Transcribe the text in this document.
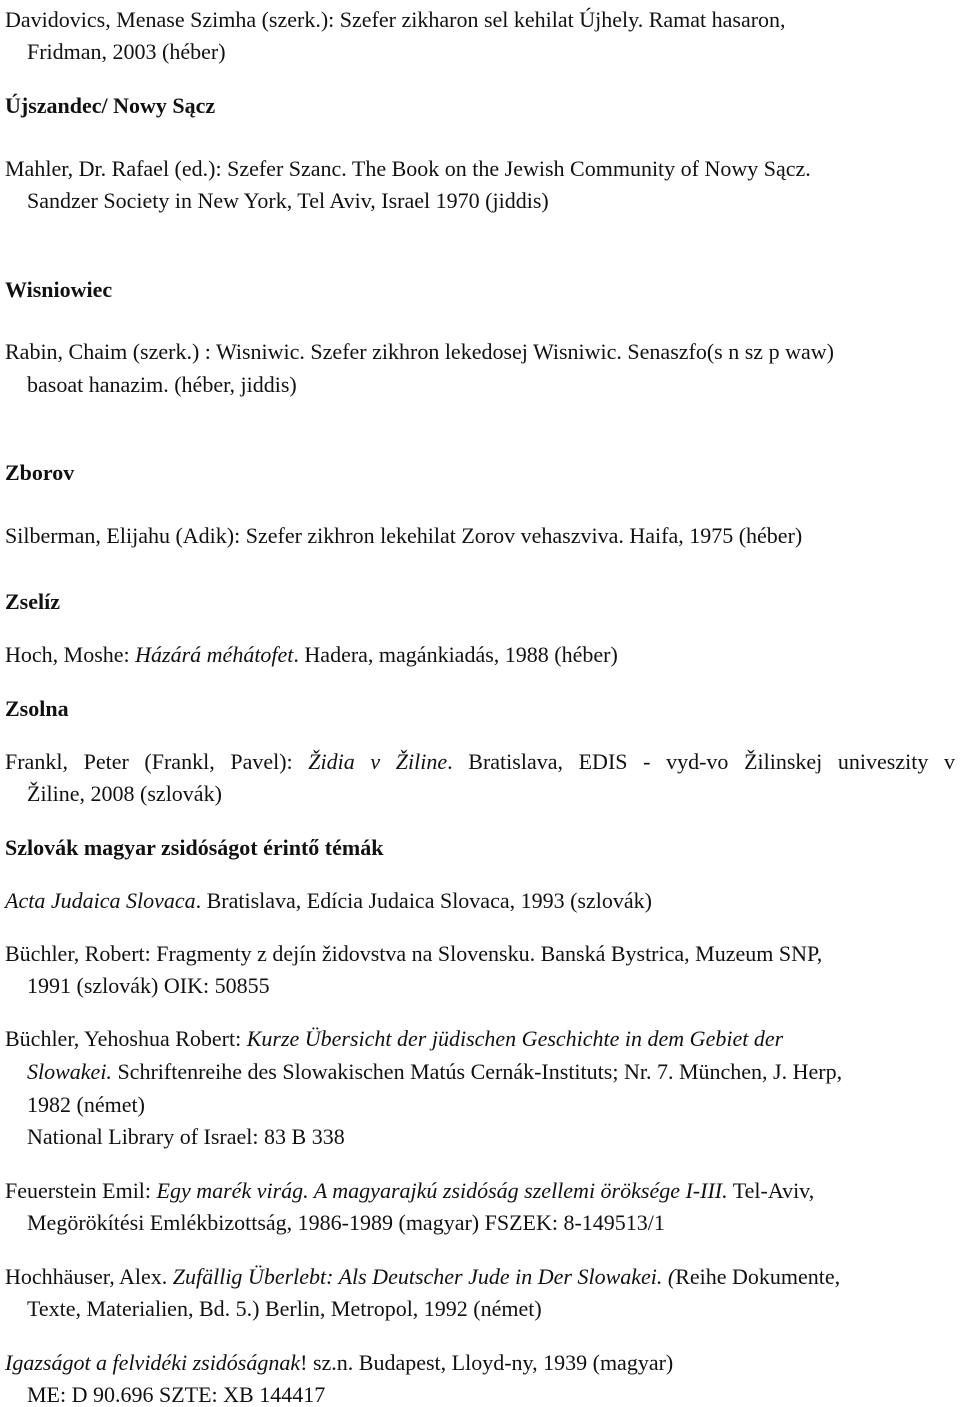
Davidovics, Menase Szimha (szerk.): Szefer zikharon sel kehilat Újhely. Ramat hasaron,
Fridman, 2003 (héber)
Újszandec/ Nowy Sącz
Mahler, Dr. Rafael (ed.): Szefer Szanc. The Book on the Jewish Community of Nowy Sącz.
Sandzer Society in New York, Tel Aviv, Israel 1970 (jiddis)
Wisniowiec
Rabin, Chaim (szerk.) : Wisniwic. Szefer zikhron lekedosej Wisniwic. Senaszfo(s n sz p waw)
basoat hanazim. (héber, jiddis)
Zborov
Silberman, Elijahu (Adik): Szefer zikhron lekehilat Zorov vehaszviva. Haifa, 1975 (héber)
Zselíz
Hoch, Moshe: Házárá méhátofet. Hadera, magánkiadás, 1988 (héber)
Zsolna
Frankl, Peter (Frankl, Pavel): Židia v Žiline. Bratislava, EDIS - vyd-vo Žilinskej univeszity v
Žiline, 2008 (szlovák)
Szlovák magyar zsidóságot érintő témák
Acta Judaica Slovaca. Bratislava, Edícia Judaica Slovaca, 1993 (szlovák)
Büchler, Robert: Fragmenty z dejín židovstva na Slovensku. Banská Bystrica, Muzeum SNP,
1991 (szlovák) OIK: 50855
Büchler, Yehoshua Robert: Kurze Übersicht der jüdischen Geschichte in dem Gebiet der
Slowakei. Schriftenreihe des Slowakischen Matús Cernák-Instituts; Nr. 7. München, J. Herp,
1982 (német)
National Library of Israel: 83 B 338
Feuerstein Emil: Egy marék virág. A magyarajkú zsidóság szellemi öröksége I-III. Tel-Aviv,
Megörökítési Emlékbizottság, 1986-1989 (magyar) FSZEK: 8-149513/1
Hochhäuser, Alex. Zufällig Überlebt: Als Deutscher Jude in Der Slowakei. (Reihe Dokumente,
Texte, Materialien, Bd. 5.) Berlin, Metropol, 1992 (német)
Igazságot a felvidéki zsidóságnak! sz.n. Budapest, Lloyd-ny, 1939 (magyar)
ME: D 90.696 SZTE: XB 144417
